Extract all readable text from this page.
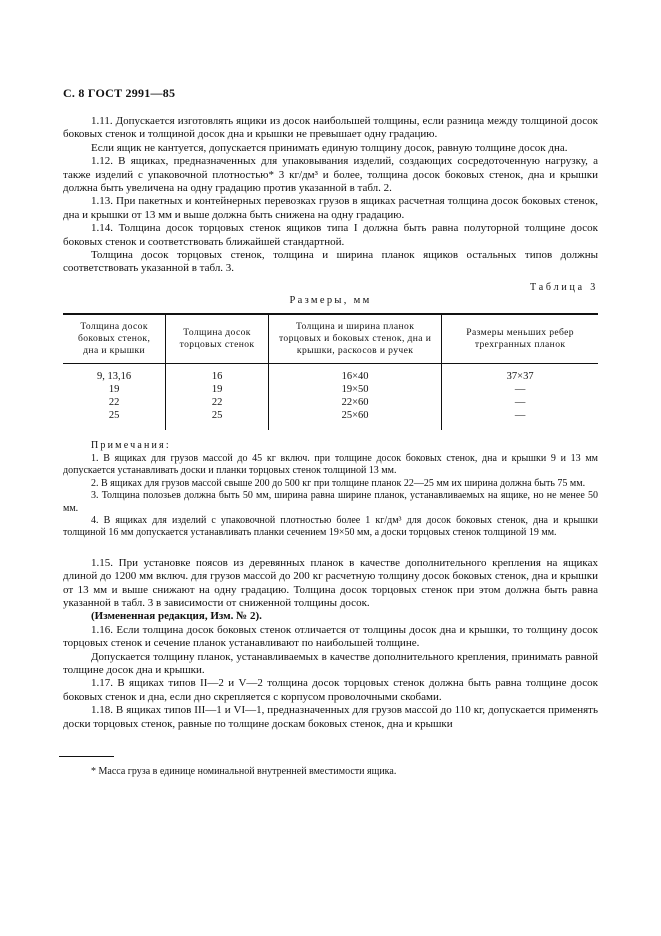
С. 8 ГОСТ 2991—85

1.11. Допускается изготовлять ящики из досок наибольшей толщины, если разница между толщиной досок боковых стенок и толщиной досок дна и крышки не превышает одну градацию.

Если ящик не кантуется, допускается принимать единую толщину досок, равную толщине досок дна.

1.12. В ящиках, предназначенных для упаковывания изделий, создающих сосредоточенную нагрузку, а также изделий с упаковочной плотностью* 3 кг/дм³ и более, толщина досок боковых стенок, дна и крышки должна быть увеличена на одну градацию против указанной в табл. 2.

1.13. При пакетных и контейнерных перевозках грузов в ящиках расчетная толщина досок боковых стенок, дна и крышки от 13 мм и выше должна быть снижена на одну градацию.

1.14. Толщина досок торцовых стенок ящиков типа I должна быть равна полуторной толщине досок боковых стенок и соответствовать ближайшей стандартной.

Толщина досок торцовых стенок, толщина и ширина планок ящиков остальных типов должны соответствовать указанной в табл. 3.

Таблица 3
Размеры, мм
Толщина досок боковых стенок, дна и крышки	Толщина досок торцовых стенок	Толщина и ширина планок торцовых и боковых стенок, дна и крышки, раскосов и ручек	Размеры меньших ребер трехгранных планок
9, 13,16	16	16×40	37×37
19	19	19×50	—
22	22	22×60	—
25	25	25×60	—

Примечания:

1. В ящиках для грузов массой до 45 кг включ. при толщине досок боковых стенок, дна и крышки 9 и 13 мм допускается устанавливать доски и планки торцовых стенок толщиной 13 мм.

2. В ящиках для грузов массой свыше 200 до 500 кг при толщине планок 22—25 мм их ширина должна быть 75 мм.

3. Толщина полозьев должна быть 50 мм, ширина равна ширине планок, устанавливаемых на ящике, но не менее 50 мм.

4. В ящиках для изделий с упаковочной плотностью более 1 кг/дм³ для досок боковых стенок, дна и крышки толщиной 16 мм допускается устанавливать планки сечением 19×50 мм, а доски торцовых стенок толщиной 19 мм.

1.15. При установке поясов из деревянных планок в качестве дополнительного крепления на ящиках длиной до 1200 мм включ. для грузов массой до 200 кг расчетную толщину досок боковых стенок, дна и крышки от 13 мм и выше снижают на одну градацию. Толщина досок торцовых стенок при этом должна быть равна указанной в табл. 3 в зависимости от сниженной толщины досок.

(Измененная редакция, Изм. № 2).

1.16. Если толщина досок боковых стенок отличается от толщины досок дна и крышки, то толщину досок торцовых стенок и сечение планок устанавливают по наибольшей толщине.

Допускается толщину планок, устанавливаемых в качестве дополнительного крепления, принимать равной толщине досок дна и крышки.

1.17. В ящиках типов II—2 и V—2 толщина досок торцовых стенок должна быть равна толщине досок боковых стенок и дна, если дно скрепляется с корпусом проволочными скобами.

1.18. В ящиках типов III—1 и VI—1, предназначенных для грузов массой до 110 кг, допускается применять доски торцовых стенок, равные по толщине доскам боковых стенок, дна и крышки

* Масса груза в единице номинальной внутренней вместимости ящика.
